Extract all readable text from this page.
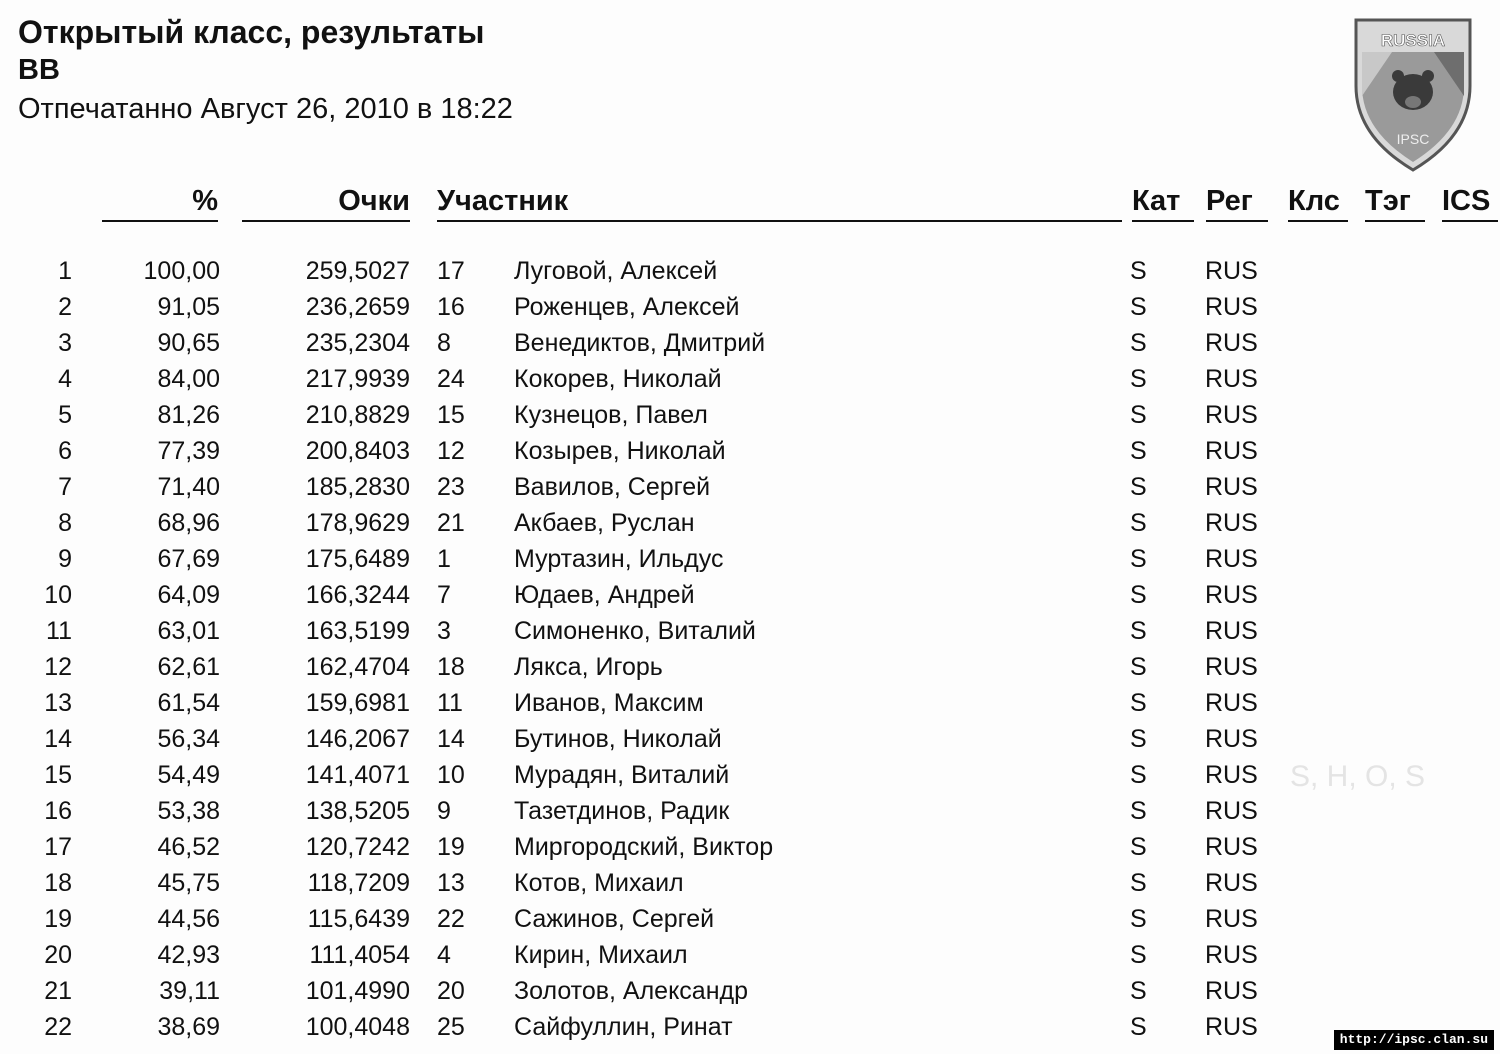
Открытый класс, результаты
BB
Отпечатанно Август 26, 2010 в 18:22
RUSSIA
IPSC
S, H, O, S
%	Очки Участник	Кат Рег Клс Тэг ICS
1	100,00	259,5027 17 Луговой, Алексей	S RUS
2	91,05	236,2659 16 Роженцев, Алексей	S RUS
3	90,65	235,2304 8	Венедиктов, Дмитрий	S RUS
4	84,00	217,9939 24 Кокорев, Николай	S RUS
5	81,26	210,8829 15 Кузнецов, Павел	S RUS
6	77,39	200,8403 12 Козырев, Николай	S RUS
7	71,40	185,2830 23 Вавилов, Сергей	S RUS
8	68,96	178,9629 21 Акбаев, Руслан	S RUS
9	67,69	175,6489 1	Муртазин, Ильдус	S RUS
10	64,09	166,3244 7	Юдаев, Андрей	S RUS
11	63,01	163,5199 3	Симоненко, Виталий	S RUS
12	62,61	162,4704 18 Лякса, Игорь	S RUS
13	61,54	159,6981 11 Иванов, Максим	S RUS
14	56,34	146,2067 14 Бутинов, Николай	S RUS
15	54,49	141,4071 10 Мурадян, Виталий	S RUS
16	53,38	138,5205 9	Тазетдинов, Радик	S RUS
17	46,52	120,7242 19 Миргородский, Виктор	S RUS
18	45,75	118,7209 13 Котов, Михаил	S RUS
19	44,56	115,6439 22 Сажинов, Сергей	S RUS
20	42,93	111,4054 4	Кирин, Михаил	S RUS
21	39,11	101,4990 20 Золотов, Александр	S RUS
22	38,69	100,4048 25 Сайфуллин, Ринат	S RUS	http://ipsc.clan.su
